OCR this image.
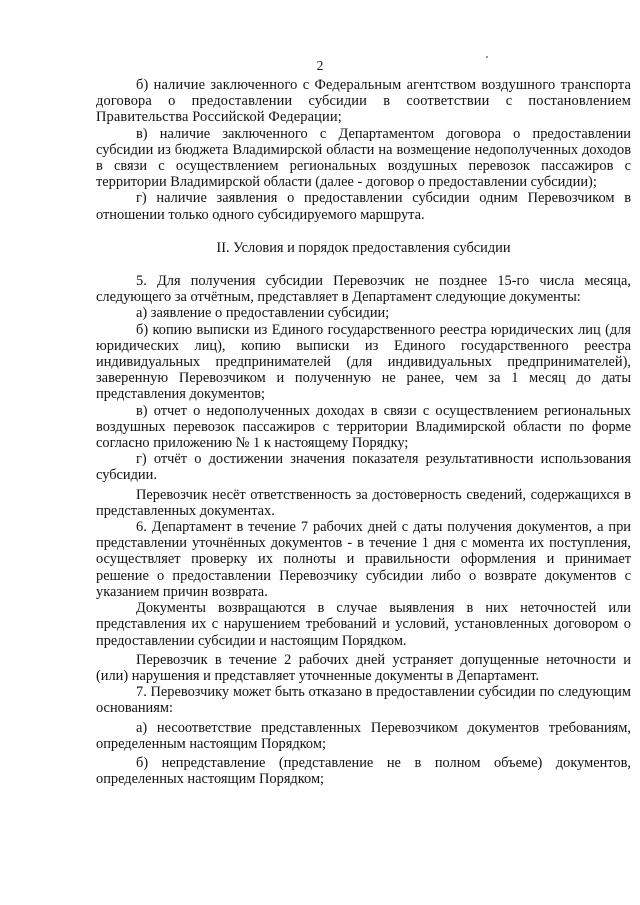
2

б) наличие заключенного с Федеральным агентством воздушного транспорта договора о предоставлении субсидии в соответствии с постановлением Правительства Российской Федерации;

в) наличие заключенного с Департаментом договора о предоставлении субсидии из бюджета Владимирской области на возмещение недополученных доходов в связи с осуществлением региональных воздушных перевозок пассажиров с территории Владимирской области (далее - договор о предоставлении субсидии);

г) наличие заявления о предоставлении субсидии одним Перевозчиком в отношении только одного субсидируемого маршрута.

II. Условия и порядок предоставления субсидии

5. Для получения субсидии Перевозчик не позднее 15-го числа месяца, следующего за отчётным, представляет в Департамент следующие документы:

а) заявление о предоставлении субсидии;

б) копию выписки из Единого государственного реестра юридических лиц (для юридических лиц), копию выписки из Единого государственного реестра индивидуальных предпринимателей (для индивидуальных предпринимателей), заверенную Перевозчиком и полученную не ранее, чем за 1 месяц до даты представления документов;

в) отчет о недополученных доходах в связи с осуществлением региональных воздушных перевозок пассажиров с территории Владимирской области по форме согласно приложению № 1 к настоящему Порядку;

г) отчёт о достижении значения показателя результативности использования субсидии.

Перевозчик несёт ответственность за достоверность сведений, содержащихся в представленных документах.

6. Департамент в течение 7 рабочих дней с даты получения документов, а при представлении уточнённых документов - в течение 1 дня с момента их поступления, осуществляет проверку их полноты и правильности оформления и принимает решение о предоставлении Перевозчику субсидии либо о возврате документов с указанием причин возврата.

Документы возвращаются в случае выявления в них неточностей или представления их с нарушением требований и условий, установленных договором о предоставлении субсидии и настоящим Порядком.

Перевозчик в течение 2 рабочих дней устраняет допущенные неточности и (или) нарушения и представляет уточненные документы в Департамент.

7. Перевозчику может быть отказано в предоставлении субсидии по следующим основаниям:

а) несоответствие представленных Перевозчиком документов требованиям, определенным настоящим Порядком;

б) непредставление (представление не в полном объеме) документов, определенных настоящим Порядком;
